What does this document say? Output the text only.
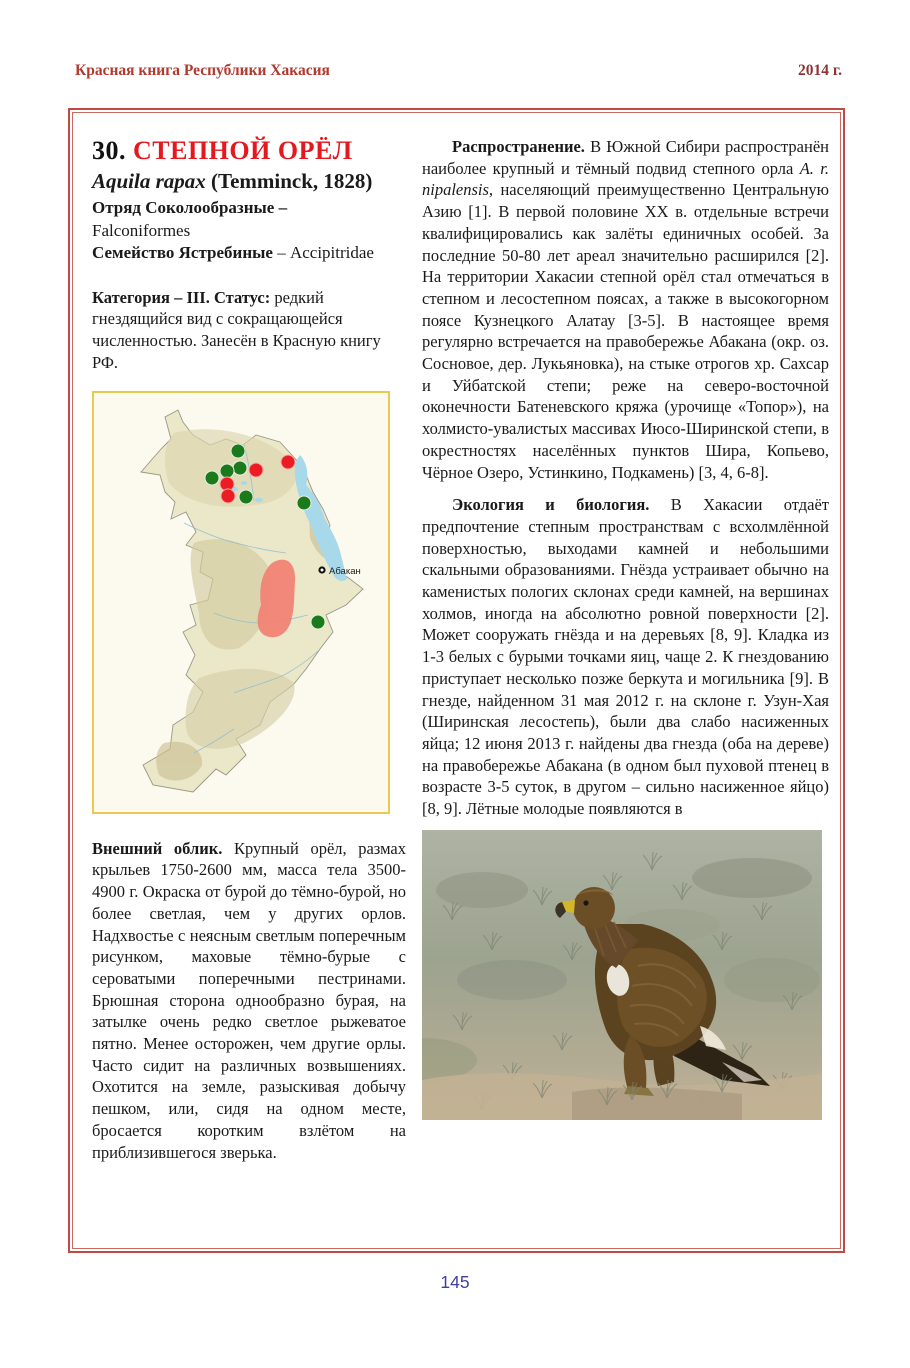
Красная книга Республики Хакасия	2014 г.
30. СТЕПНОЙ ОРЁЛ
Aquila rapax (Temminck, 1828)
Отряд Соколообразные –
Falconiformes
Семейство Ястребиные – Accipitridae

Категория – III. Статус: редкий гнездящийся вид с сокращающейся численностью. Занесён в Красную книгу РФ.

Абакан

Внешний облик. Крупный орёл, размах крыльев 1750-2600 мм, масса тела 3500-4900 г. Окраска от бурой до тёмно-бурой, но более светлая, чем у других орлов. Надхвостье с неясным светлым поперечным рисунком, маховые тёмно-бурые с сероватыми поперечными пестринами. Брюшная сторона однообразно бурая, на затылке очень редко светлое рыжеватое пятно. Менее осторожен, чем другие орлы. Часто сидит на различных возвышениях. Охотится на земле, разыскивая добычу пешком, или, сидя на одном месте, бросается коротким взлётом на приблизившегося зверька.

Распространение. В Южной Сибири распространён наиболее крупный и тёмный подвид степного орла A. r. nipalensis, населяющий преимущественно Центральную Азию [1]. В первой половине XX в. отдельные встречи квалифицировались как залёты единичных особей. За последние 50-80 лет ареал значительно расширился [2]. На территории Хакасии степной орёл стал отмечаться в степном и лесостепном поясах, а также в высокогорном поясе Кузнецкого Алатау [3-5]. В настоящее время регулярно встречается на правобережье Абакана (окр. оз. Сосновое, дер. Лукьяновка), на стыке отрогов хр. Сахсар и Уйбатской степи; реже на северо-восточной оконечности Батеневского кряжа (урочище «Топор»), на холмисто-увалистых массивах Июсо-Ширинской степи, в окрестностях населённых пунктов Шира, Копьево, Чёрное Озеро, Устинкино, Подкамень) [3, 4, 6-8].

Экология и биология. В Хакасии отдаёт предпочтение степным пространствам с всхолмлённой поверхностью, выходами камней и небольшими скальными образованиями. Гнёзда устраивает обычно на каменистых пологих склонах среди камней, на вершинах холмов, иногда на абсолютно ровной поверхности [2]. Может сооружать гнёзда и на деревьях [8, 9]. Кладка из 1-3 белых с бурыми точками яиц, чаще 2. К гнездованию приступает несколько позже беркута и могильника [9]. В гнезде, найденном 31 мая 2012 г. на склоне г. Узун-Хая (Ширинская лесостепь), были два слабо насиженных яйца; 12 июня 2013 г. найдены два гнезда (оба на дереве) на правобережье Абакана (в одном был пуховой птенец в возрасте 3-5 суток, в другом – сильно насиженное яйцо) [8, 9]. Лётные молодые появляются в

145
